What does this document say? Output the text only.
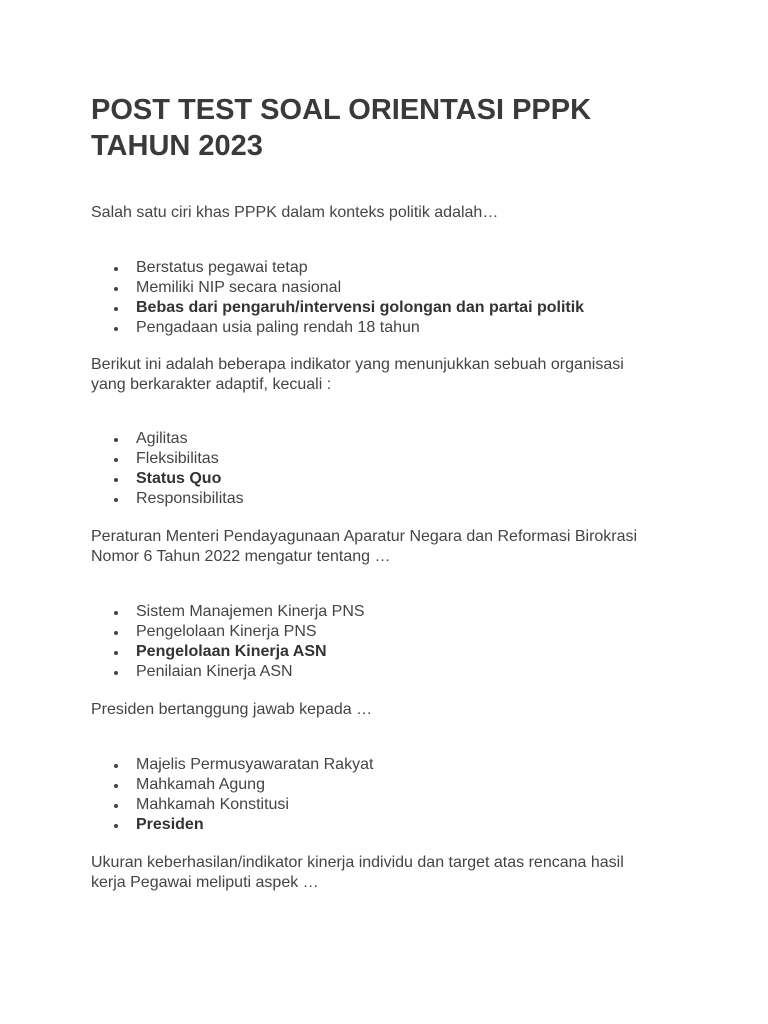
POST TEST SOAL ORIENTASI PPPK
TAHUN 2023

Salah satu ciri khas PPPK dalam konteks politik adalah…

Berstatus pegawai tetap
Memiliki NIP secara nasional
Bebas dari pengaruh/intervensi golongan dan partai politik
Pengadaan usia paling rendah 18 tahun

Berikut ini adalah beberapa indikator yang menunjukkan sebuah organisasi
yang berkarakter adaptif, kecuali :

Agilitas
Fleksibilitas
Status Quo
Responsibilitas

Peraturan Menteri Pendayagunaan Aparatur Negara dan Reformasi Birokrasi
Nomor 6 Tahun 2022 mengatur tentang …

Sistem Manajemen Kinerja PNS
Pengelolaan Kinerja PNS
Pengelolaan Kinerja ASN
Penilaian Kinerja ASN

Presiden bertanggung jawab kepada …

Majelis Permusyawaratan Rakyat
Mahkamah Agung
Mahkamah Konstitusi
Presiden

Ukuran keberhasilan/indikator kinerja individu dan target atas rencana hasil
kerja Pegawai meliputi aspek …
